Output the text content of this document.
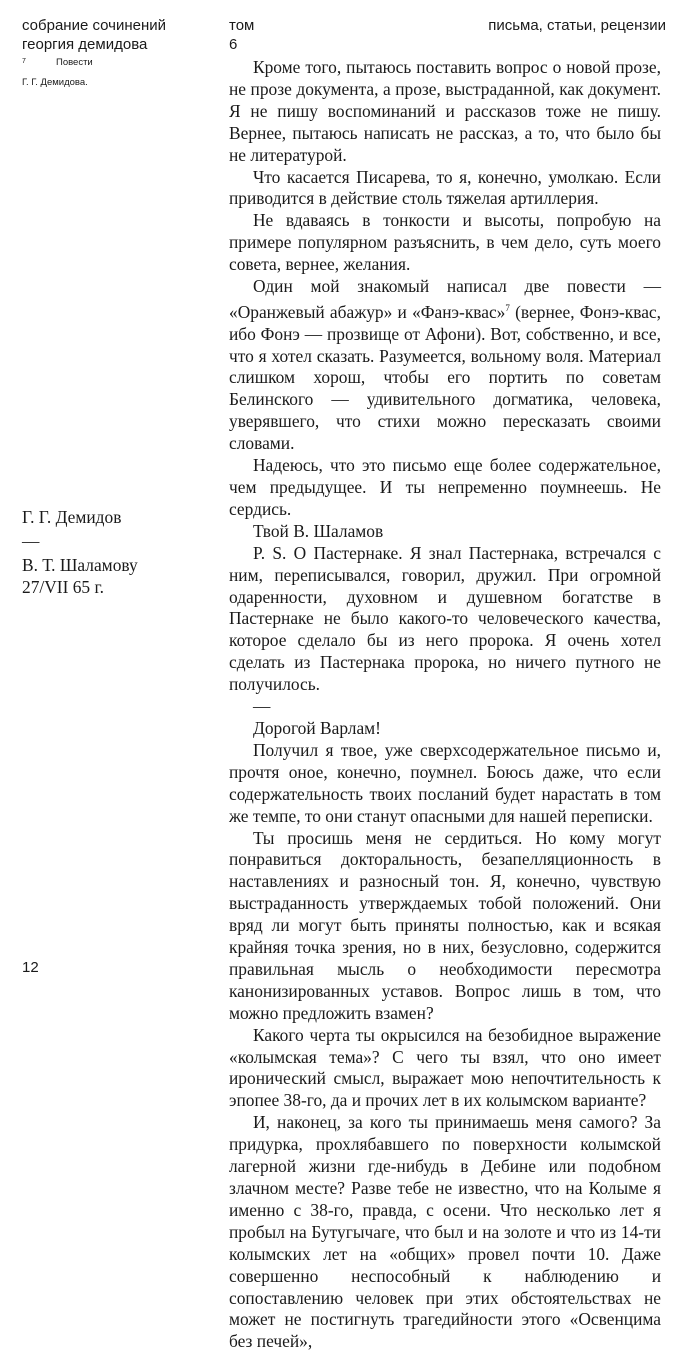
собрание сочинений
георгия демидова
том
6
письма, статьи, рецензии
$^7$	Повести
Г. Г. Демидова.

Кроме того, пытаюсь поставить вопрос о новой прозе, не прозе документа, а прозе, выстраданной, как документ. Я не пишу воспоминаний и рассказов тоже не пишу. Вернее, пытаюсь написать не рассказ, а то, что было бы не литературой.

Что касается Писарева, то я, конечно, умолкаю. Если приводится в действие столь тяжелая артиллерия.

Не вдаваясь в тонкости и высоты, попробую на примере популярном разъяснить, в чем дело, суть моего совета, вернее, желания.

Один мой знакомый написал две повести — «Оранжевый абажур» и «Фанэ-квас»$^7$ (вернее, Фонэ-квас, ибо Фонэ — прозвище от Афони). Вот, собственно, и все, что я хотел сказать. Разумеется, вольному воля. Материал слишком хорош, чтобы его портить по советам Белинского — удивительного догматика, человека, уверявшего, что стихи можно пересказать своими словами.

Надеюсь, что это письмо еще более содержательное, чем предыдущее. И ты непременно поумнеешь. Не сердись.

Твой В. Шаламов

P. S. О Пастернаке. Я знал Пастернака, встречался с ним, переписывался, говорил, дружил. При огромной одаренности, духовном и душевном богатстве в Пастернаке не было какого-то человеческого качества, которое сделало бы из него пророка. Я очень хотел сделать из Пастернака пророка, но ничего путного не получилось.

—

Дорогой Варлам!

Получил я твое, уже сверхсодержательное письмо и, прочтя оное, конечно, поумнел. Боюсь даже, что если содержательность твоих посланий будет нарастать в том же темпе, то они станут опасными для нашей переписки.

Ты просишь меня не сердиться. Но кому могут понравиться докторальность, безапелляционность в наставлениях и разносный тон. Я, конечно, чувствую выстраданность утверждаемых тобой положений. Они вряд ли могут быть приняты полностью, как и всякая крайняя точка зрения, но в них, безусловно, содержится правильная мысль о необходимости пересмотра канонизированных уставов. Вопрос лишь в том, что можно предложить взамен?

Какого черта ты окрысился на безобидное выражение «колымская тема»? С чего ты взял, что оно имеет иронический смысл, выражает мою непочтительность к эпопее 38-го, да и прочих лет в их колымском варианте?

И, наконец, за кого ты принимаешь меня самого? За придурка, прохлябавшего по поверхности колымской лагерной жизни где-нибудь в Дебине или подобном злачном месте? Разве тебе не известно, что на Колыме я именно с 38-го, правда, с осени. Что несколько лет я пробыл на Бутугычаге, что был и на золоте и что из 14-ти колымских лет на «общих» провел почти 10. Даже совершенно неспособный к наблюдению и сопоставлению человек при этих обстоятельствах не может не постигнуть трагедийности этого «Освенцима без печей»,

Г. Г. Демидов
—
В. Т. Шаламову
27/VII 65 г.
12
